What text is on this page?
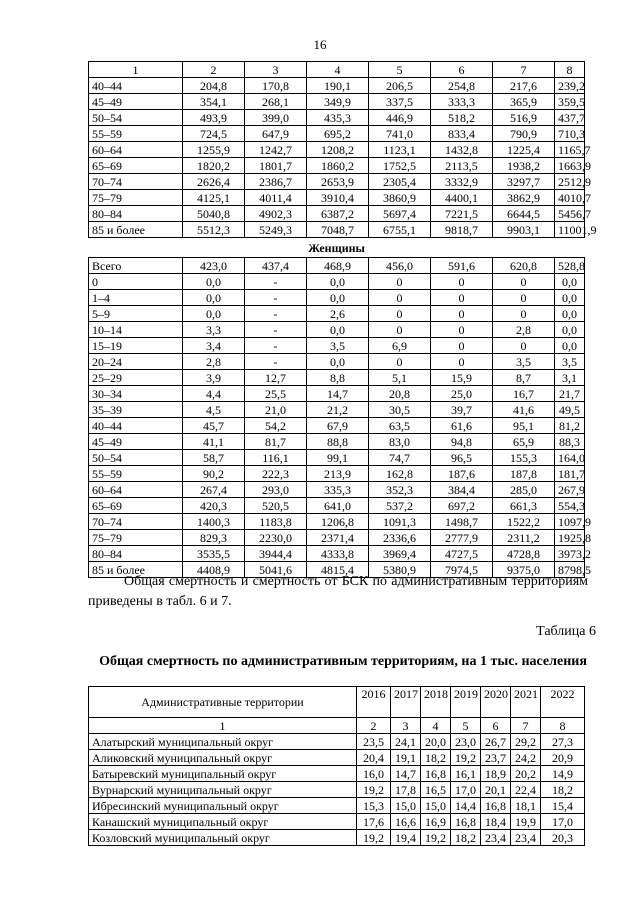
16
1	2	3	4	5	6	7	8
40–44	204,8	170,8	190,1	206,5	254,8	217,6	239,2
45–49	354,1	268,1	349,9	337,5	333,3	365,9	359,5
50–54	493,9	399,0	435,3	446,9	518,2	516,9	437,7
55–59	724,5	647,9	695,2	741,0	833,4	790,9	710,3
60–64	1255,9	1242,7	1208,2	1123,1	1432,8	1225,4	1165,7
65–69	1820,2	1801,7	1860,2	1752,5	2113,5	1938,2	1663,9
70–74	2626,4	2386,7	2653,9	2305,4	3332,9	3297,7	2512,9
75–79	4125,1	4011,4	3910,4	3860,9	4400,1	3862,9	4010,7
80–84	5040,8	4902,3	6387,2	5697,4	7221,5	6644,5	5456,7
85 и более	5512,3	5249,3	7048,7	6755,1	9818,7	9903,1	11001,9
Женщины							
Всего	423,0	437,4	468,9	456,0	591,6	620,8	528,8
0	0,0	-	0,0	0	0	0	0,0
1–4	0,0	-	0,0	0	0	0	0,0
5–9	0,0	-	2,6	0	0	0	0,0
10–14	3,3	-	0,0	0	0	2,8	0,0
15–19	3,4	-	3,5	6,9	0	0	0,0
20–24	2,8	-	0,0	0	0	3,5	3,5
25–29	3,9	12,7	8,8	5,1	15,9	8,7	3,1
30–34	4,4	25,5	14,7	20,8	25,0	16,7	21,7
35–39	4,5	21,0	21,2	30,5	39,7	41,6	49,5
40–44	45,7	54,2	67,9	63,5	61,6	95,1	81,2
45–49	41,1	81,7	88,8	83,0	94,8	65,9	88,3
50–54	58,7	116,1	99,1	74,7	96,5	155,3	164,0
55–59	90,2	222,3	213,9	162,8	187,6	187,8	181,7
60–64	267,4	293,0	335,3	352,3	384,4	285,0	267,9
65–69	420,3	520,5	641,0	537,2	697,2	661,3	554,3
70–74	1400,3	1183,8	1206,8	1091,3	1498,7	1522,2	1097,9
75–79	829,3	2230,0	2371,4	2336,6	2777,9	2311,2	1925,8
80–84	3535,5	3944,4	4333,8	3969,4	4727,5	4728,8	3973,2
85 и более	4408,9	5041,6	4815,4	5380,9	7974,5	9375,0	8798,5
Общая смертность и смертность от БСК по административным территориям приведены в табл. 6 и 7.
Таблица 6
Общая смертность по административным территориям, на 1 тыс. населения
Административные территории	2016	2017	2018	2019	2020	2021	2022
1	2	3	4	5	6	7	8
Алатырский муниципальный округ	23,5	24,1	20,0	23,0	26,7	29,2	27,3
Аликовский муниципальный округ	20,4	19,1	18,2	19,2	23,7	24,2	20,9
Батыревский муниципальный округ	16,0	14,7	16,8	16,1	18,9	20,2	14,9
Вурнарский муниципальный округ	19,2	17,8	16,5	17,0	20,1	22,4	18,2
Ибресинский муниципальный округ	15,3	15,0	15,0	14,4	16,8	18,1	15,4
Канашский муниципальный округ	17,6	16,6	16,9	16,8	18,4	19,9	17,0
Козловский муниципальный округ	19,2	19,4	19,2	18,2	23,4	23,4	20,3
